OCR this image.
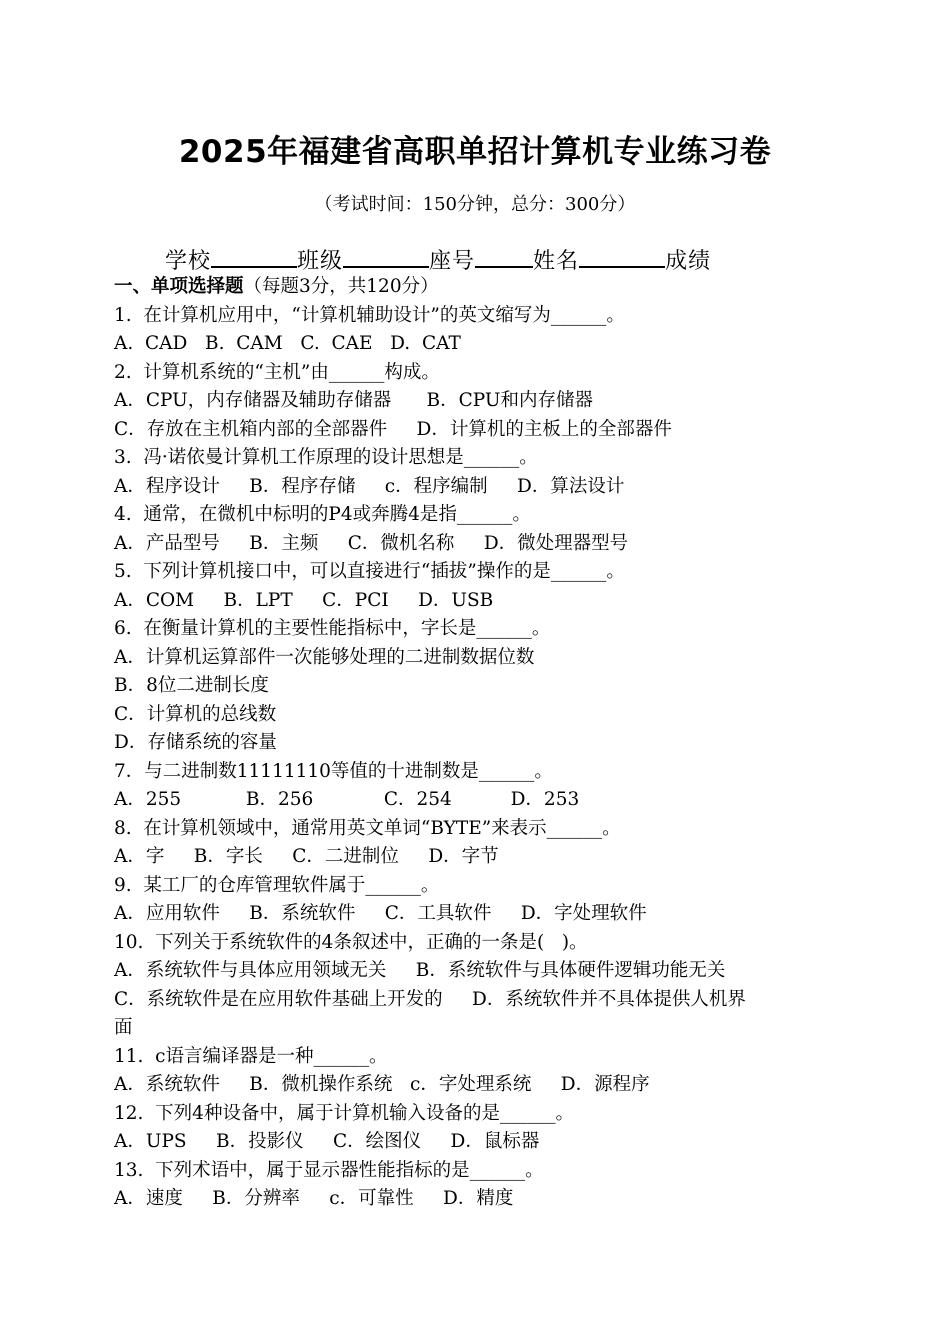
2025年福建省高职单招计算机专业练习卷
（考试时间：150分钟，总分：300分）
学校	班级	座号	姓名	成绩
一、单项选择题（每题3分，共120分）
1.  在计算机应用中，“计算机辅助设计”的英文缩写为______。
A.  CAD   B.  CAM   C.  CAE   D.  CAT
2.  计算机系统的“主机”由______构成。
A．CPU，内存储器及辅助存储器      B．CPU和内存储器
C．存放在主机箱内部的全部器件     D．计算机的主板上的全部器件
3.  冯·诺依曼计算机工作原理的设计思想是______。
A．程序设计     B．程序存储     c．程序编制     D．算法设计
4.  通常，在微机中标明的P4或奔腾4是指______。
A．产品型号     B．主频     C．微机名称     D．微处理器型号
5.  下列计算机接口中，可以直接进行“插拔”操作的是______。
A．COM     B．LPT     C．PCI     D．USB
6.  在衡量计算机的主要性能指标中，字长是______。
A．计算机运算部件一次能够处理的二进制数据位数
B．8位二进制长度
C．计算机的总线数
D．存储系统的容量
7．与二进制数11111110等值的十进制数是______。
A．255           B．256            C．254          D．253
8.  在计算机领域中，通常用英文单词“BYTE”来表示______。
A．字     B．字长     C．二进制位     D．字节
9.  某工厂的仓库管理软件属于______。
A．应用软件     B．系统软件     C．工具软件     D．字处理软件
10.  下列关于系统软件的4条叙述中，正确的一条是(   )。
A．系统软件与具体应用领域无关     B．系统软件与具体硬件逻辑功能无关
C．系统软件是在应用软件基础上开发的     D．系统软件并不具体提供人机界
面
11.  c语言编译器是一种______。
A．系统软件     B．微机操作系统   c．字处理系统     D．源程序
12.  下列4种设备中，属于计算机输入设备的是______。
A．UPS     B．投影仪     C．绘图仪     D．鼠标器
13.  下列术语中，属于显示器性能指标的是______。
A．速度     B．分辨率     c．可靠性     D．精度
